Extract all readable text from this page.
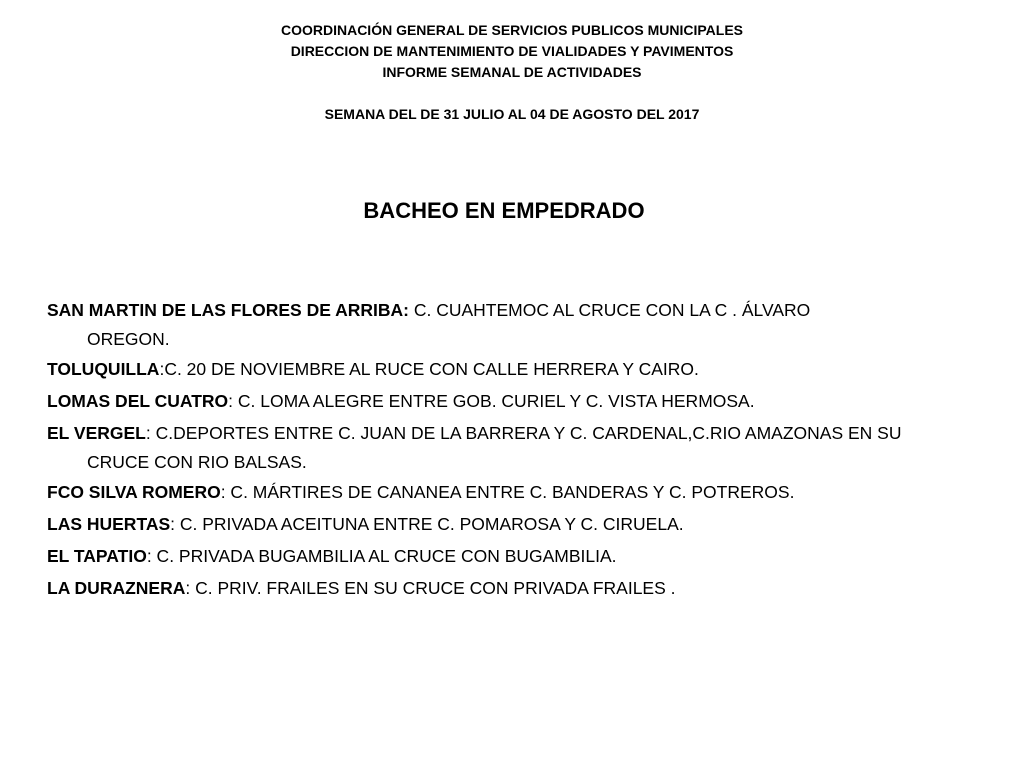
COORDINACIÓN GENERAL DE SERVICIOS PUBLICOS MUNICIPALES
DIRECCION DE MANTENIMIENTO DE VIALIDADES Y PAVIMENTOS
INFORME SEMANAL DE ACTIVIDADES
SEMANA DEL DE 31 JULIO AL 04 DE AGOSTO DEL 2017
BACHEO EN EMPEDRADO
SAN MARTIN DE LAS FLORES DE ARRIBA: C. CUAHTEMOC AL CRUCE CON LA C . ÁLVARO
OREGON.
TOLUQUILLA:C. 20 DE NOVIEMBRE AL RUCE CON CALLE HERRERA Y CAIRO.
LOMAS DEL CUATRO: C. LOMA ALEGRE ENTRE GOB. CURIEL Y C. VISTA HERMOSA.
EL VERGEL: C.DEPORTES ENTRE C. JUAN DE LA BARRERA Y C. CARDENAL,C.RIO AMAZONAS EN SU
CRUCE CON RIO BALSAS.
FCO SILVA ROMERO: C. MÁRTIRES DE CANANEA ENTRE C. BANDERAS Y C. POTREROS.
LAS HUERTAS: C. PRIVADA ACEITUNA ENTRE C. POMAROSA Y C. CIRUELA.
EL TAPATIO: C. PRIVADA BUGAMBILIA AL CRUCE CON BUGAMBILIA.
LA DURAZNERA: C. PRIV. FRAILES EN SU CRUCE CON PRIVADA FRAILES .
